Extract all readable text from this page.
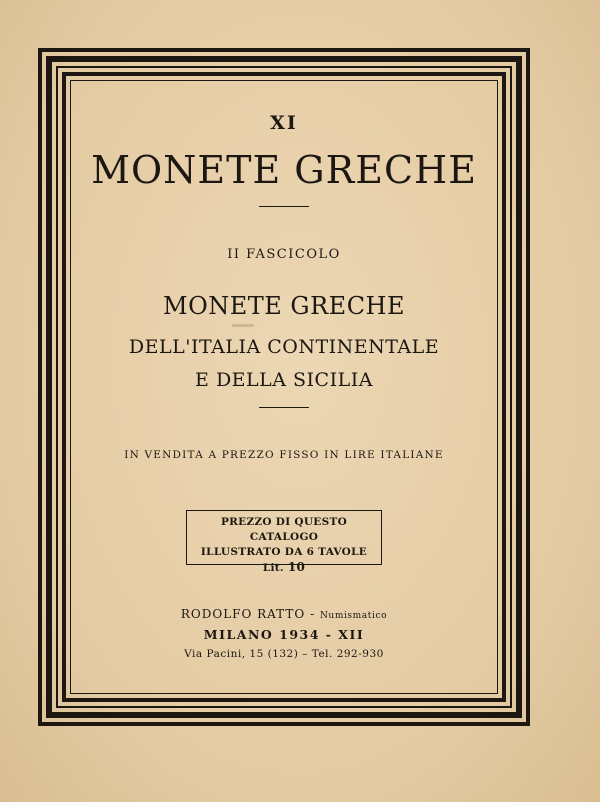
XI
MONETE GRECHE
II FASCICOLO
MONETE GRECHE
DELL'ITALIA CONTINENTALE
E DELLA SICILIA
IN VENDITA A PREZZO FISSO IN LIRE ITALIANE
PREZZO DI QUESTO CATALOGO
ILLUSTRATO DA 6 TAVOLE
Lit. 10
RODOLFO RATTO - Numismatico
MILANO 1934 - XII
Via Pacini, 15 (132) – Tel. 292-930
